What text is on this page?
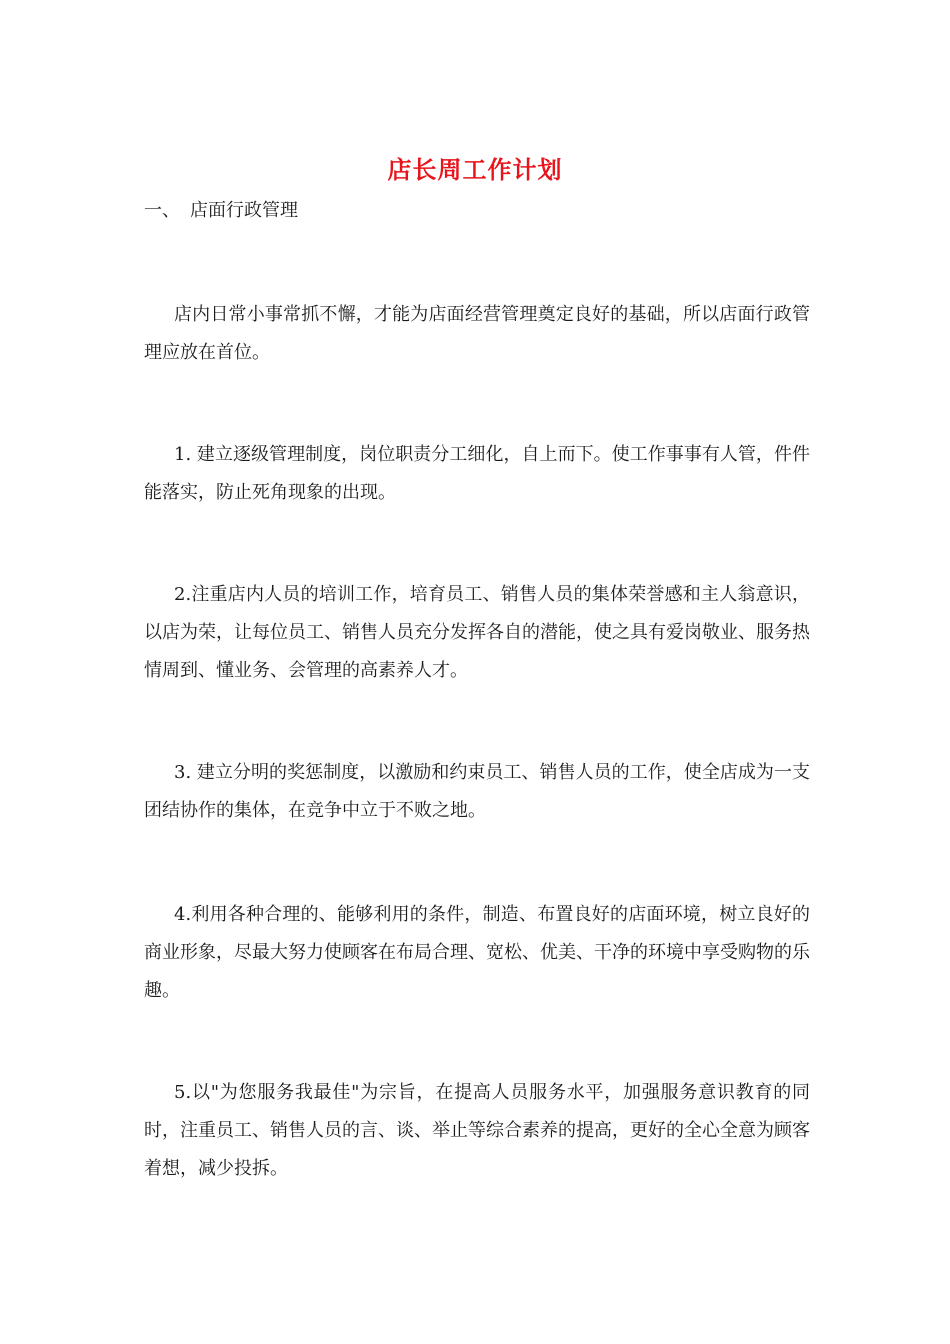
店长周工作计划
一、 店面行政管理

店内日常小事常抓不懈，才能为店面经营管理奠定良好的基础，所以店面行政管理应放在首位。

1. 建立逐级管理制度，岗位职责分工细化，自上而下。使工作事事有人管，件件能落实，防止死角现象的出现。

2.注重店内人员的培训工作，培育员工、销售人员的集体荣誉感和主人翁意识，以店为荣，让每位员工、销售人员充分发挥各自的潜能，使之具有爱岗敬业、服务热情周到、懂业务、会管理的高素养人才。

3. 建立分明的奖惩制度，以激励和约束员工、销售人员的工作，使全店成为一支团结协作的集体，在竞争中立于不败之地。

4.利用各种合理的、能够利用的条件，制造、布置良好的店面环境，树立良好的商业形象，尽最大努力使顾客在布局合理、宽松、优美、干净的环境中享受购物的乐趣。

5.以"为您服务我最佳"为宗旨，在提高人员服务水平，加强服务意识教育的同时，注重员工、销售人员的言、谈、举止等综合素养的提高，更好的全心全意为顾客着想，减少投拆。
